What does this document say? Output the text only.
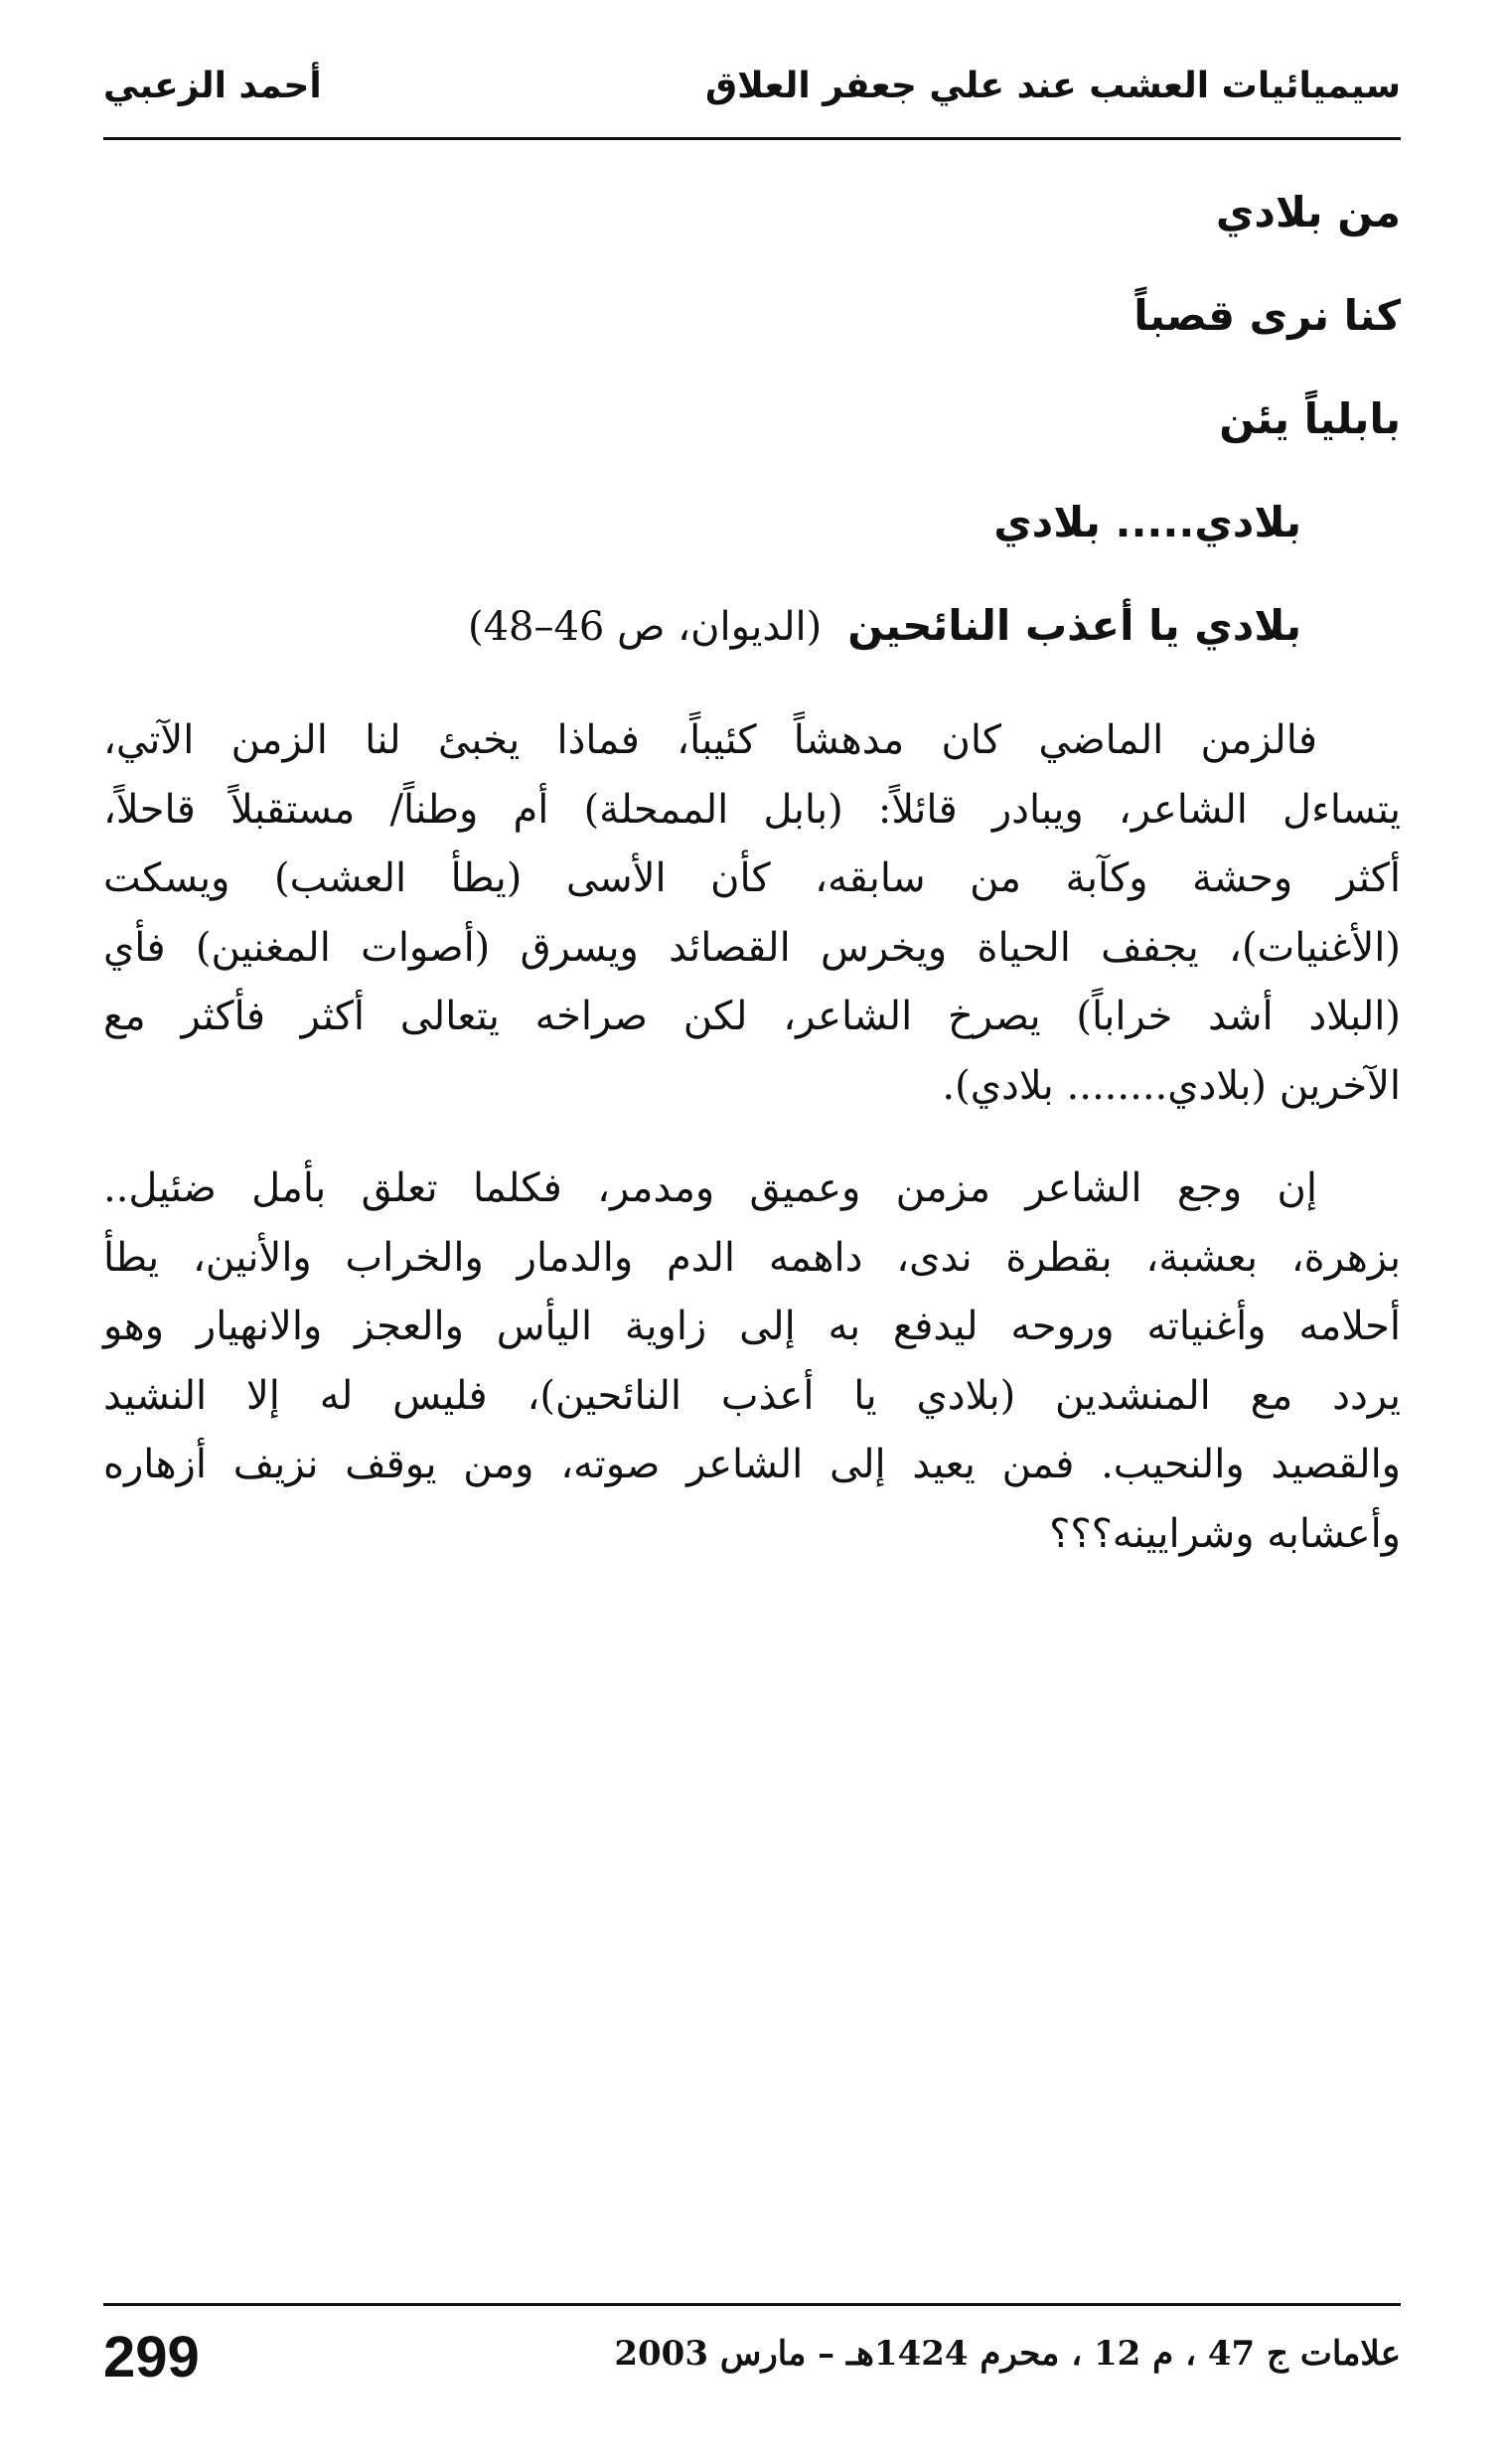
سيميائيات العشب عند علي جعفر العلاق
أحمد الزعبي
من بلادي
كنا نرى قصباً
بابلياً يئن
بلادي..... بلادي
بلادي يا أعذب النائحين(الديوان، ص 46–48)
فالزمن الماضي كان مدهشاً كئيباً، فماذا يخبئ لنا الزمن الآتي،
يتساءل الشاعر، ويبادر قائلاً: (بابل الممحلة) أم وطناً/ مستقبلاً قاحلاً،
أكثر وحشة وكآبة من سابقه، كأن الأسى (يطأ العشب) ويسكت
(الأغنيات)، يجفف الحياة ويخرس القصائد ويسرق (أصوات المغنين) فأي
(البلاد أشد خراباً) يصرخ الشاعر، لكن صراخه يتعالى أكثر فأكثر مع
الآخرين (بلادي........ بلادي).
إن وجع الشاعر مزمن وعميق ومدمر، فكلما تعلق بأمل ضئيل..
بزهرة، بعشبة، بقطرة ندى، داهمه الدم والدمار والخراب والأنين، يطأ
أحلامه وأغنياته وروحه ليدفع به إلى زاوية اليأس والعجز والانهيار وهو
يردد مع المنشدين (بلادي يا أعذب النائحين)، فليس له إلا النشيد
والقصيد والنحيب. فمن يعيد إلى الشاعر صوته، ومن يوقف نزيف أزهاره
وأعشابه وشرايينه؟؟؟
علامات ج 47 ، م 12 ، محرم 1424هـ – مارس 2003
299
